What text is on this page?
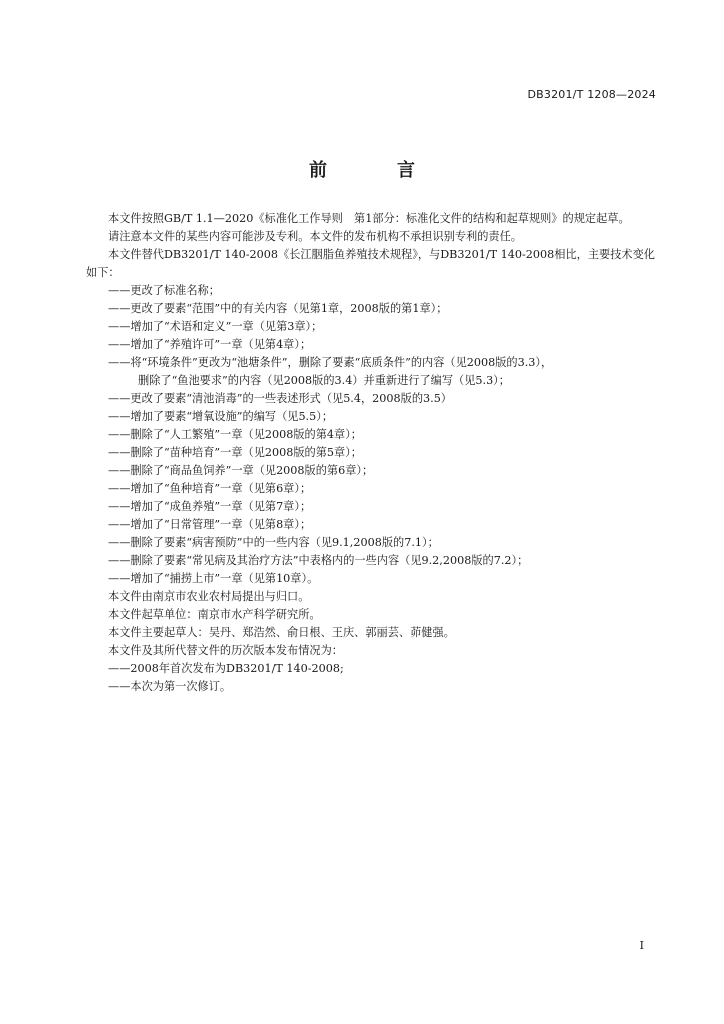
DB3201/T 1208—2024
前　言

本文件按照GB/T 1.1—2020《标准化工作导则　第1部分：标准化文件的结构和起草规则》的规定起草。

请注意本文件的某些内容可能涉及专利。本文件的发布机构不承担识别专利的责任。

本文件替代DB3201/T 140-2008《长江胭脂鱼养殖技术规程》，与DB3201/T 140-2008相比，主要技术变化如下：

——更改了标准名称；

——更改了要素“范围”中的有关内容（见第1章，2008版的第1章）；

——增加了“术语和定义”一章（见第3章）；

——增加了“养殖许可”一章（见第4章）；

——将“环境条件”更改为“池塘条件”，删除了要素“底质条件”的内容（见2008版的3.3），

删除了“鱼池要求”的内容（见2008版的3.4）并重新进行了编写（见5.3）；

——更改了要素“清池消毒”的一些表述形式（见5.4，2008版的3.5）

——增加了要素“增氧设施”的编写（见5.5）；

——删除了“人工繁殖”一章（见2008版的第4章）；

——删除了“苗种培育”一章（见2008版的第5章）；

——删除了“商品鱼饲养”一章（见2008版的第6章）；

——增加了“鱼种培育”一章（见第6章）；

——增加了“成鱼养殖”一章（见第7章）；

——增加了“日常管理”一章（见第8章）；

——删除了要素“病害预防”中的一些内容（见9.1,2008版的7.1）；

——删除了要素“常见病及其治疗方法”中表格内的一些内容（见9.2,2008版的7.2）；

——增加了“捕捞上市”一章（见第10章）。

本文件由南京市农业农村局提出与归口。

本文件起草单位：南京市水产科学研究所。

本文件主要起草人：吴丹、郑浩然、俞日根、王庆、郭丽芸、茆健强。

本文件及其所代替文件的历次版本发布情况为：

——2008年首次发布为DB3201/T 140-2008;

——本次为第一次修订。

I
